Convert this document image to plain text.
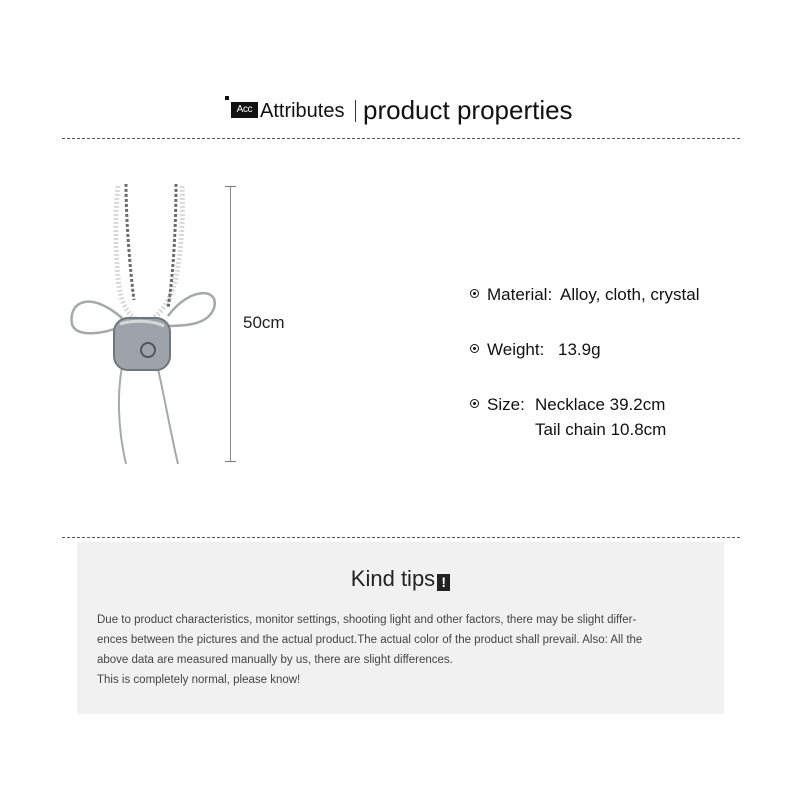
Acc Attributes product properties
50cm
Material: Alloy, cloth, crystal
Weight: 13.9g
Size: Necklace 39.2cm
Tail chain 10.8cm
Kind tips !

Due to product characteristics, monitor settings, shooting light and other factors, there may be slight differ-

ences between the pictures and the actual product.The actual color of the product shall prevail. Also: All the

above data are measured manually by us, there are slight differences.

This is completely normal, please know!
